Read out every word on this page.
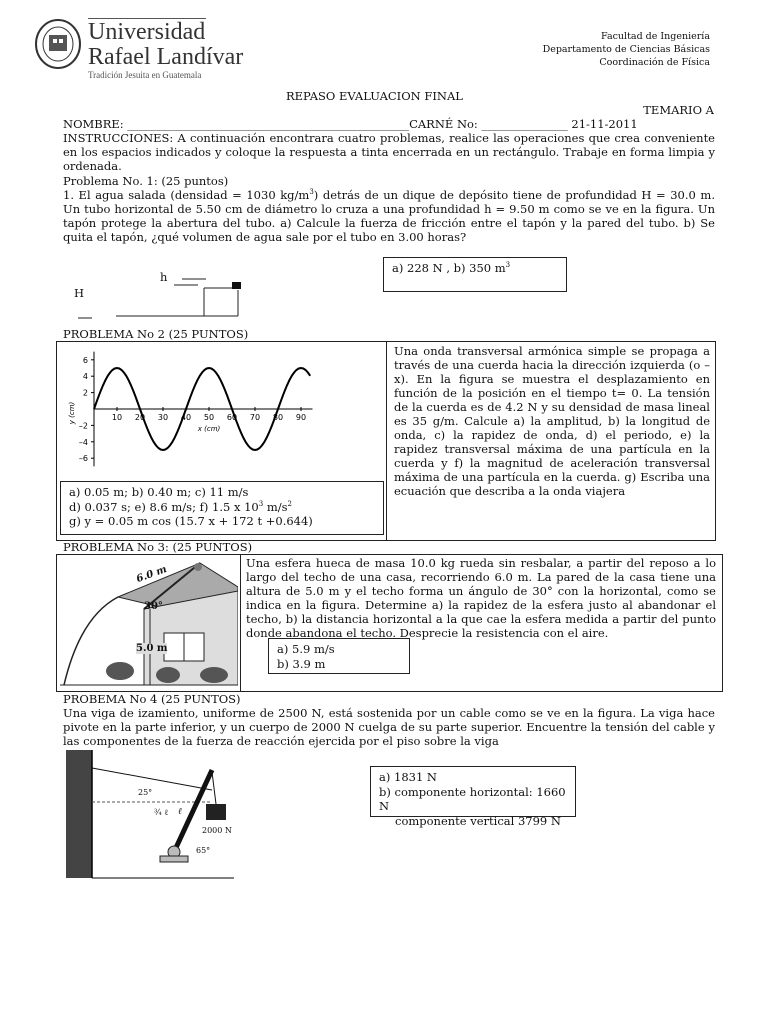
Universidad
Rafael Landívar
Tradición Jesuita en Guatemala
Facultad de Ingeniería
Departamento de Ciencias Básicas
Coordinación de Física
REPASO EVALUACION FINAL
TEMARIO A
NOMBRE: _________________________________________________CARNÉ No: _______________ 21-11-2011
INSTRUCCIONES: A continuación encontrara cuatro problemas, realice las operaciones que crea conveniente en los espacios indicados y coloque la respuesta a tinta encerrada en un rectángulo. Trabaje en forma limpia y ordenada.
Problema No. 1: (25 puntos)
1. El agua salada (densidad = 1030 $kg/m^3$) detrás de un dique de depósito tiene de profundidad H = 30.0 m. Un tubo horizontal de 5.50 cm de diámetro lo cruza a una profundidad h = 9.50 m como se ve en la figura. Un tapón protege la abertura del tubo. a) Calcule la fuerza de fricción entre el tapón y la pared del tubo. b) Se quita el tapón, ¿qué volumen de agua sale por el tubo en 3.00 horas?
a) 228 N , b) 350 $m^3$
h
H
PROBLEMA No 2 (25 PUNTOS)
6
4
2
–2
–4
–6
10 20 30 40 50 60 70 80 90
y (cm)
x (cm)
Una onda transversal armónica simple se propaga a través de una cuerda hacia la dirección izquierda (o –x). En la figura se muestra el desplazamiento en función de la posición en el tiempo t= 0. La tensión de la cuerda es de 4.2 N y su densidad de masa lineal es 35 g/m. Calcule a) la amplitud, b) la longitud de onda, c) la rapidez de onda, d) el periodo, e) la rapidez transversal máxima de una partícula en la cuerda y f) la magnitud de aceleración transversal máxima de una partícula en la cuerda. g) Escriba una ecuación que describa a la onda viajera
a) 0.05 m; b) 0.40 m; c) 11 m/s
d) 0.037 s; e) 8.6 m/s; f) 1.5 x $10^3$ $m/s^2$
g) y = 0.05 m cos (15.7 x + 172 t +0.644)
PROBLEMA No 3: (25 PUNTOS)
6.0 m
30°
5.0 m
Una esfera hueca de masa 10.0 kg rueda sin resbalar, a partir del reposo a lo largo del techo de una casa, recorriendo 6.0 m. La pared de la casa tiene una altura de 5.0 m y el techo forma un ángulo de 30° con la horizontal, como se indica en la figura. Determine a) la rapidez de la esfera justo al abandonar el techo, b) la distancia horizontal a la que cae la esfera medida a partir del punto donde abandona el techo. Desprecie la resistencia con el aire.
a) 5.9 m/s
b) 3.9 m
PROBEMA No 4 (25 PUNTOS)
Una viga de izamiento, uniforme de 2500 N, está sostenida por un cable como se ve en la figura. La viga hace pivote en la parte inferior, y un cuerpo de 2000 N cuelga de su parte superior. Encuentre la tensión del cable y las componentes de la fuerza de reacción ejercida por el piso sobre la viga
25°
¾ ℓ ℓ
2000 N
65°
a) 1831 N
b) componente horizontal: 1660 N
componente vertical 3799 N
